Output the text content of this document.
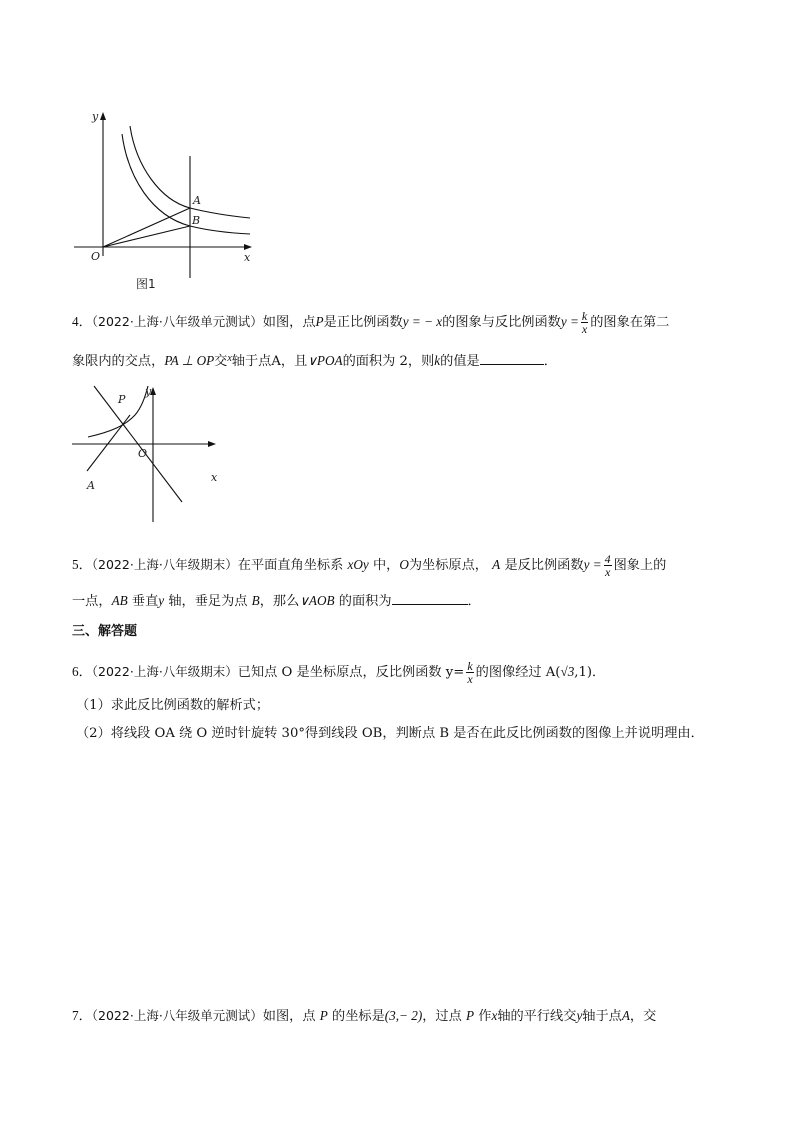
y
x
O
A
B
图1
4．（2022·上海·八年级单元测试）如图，点P是正比例函数y = − x的图象与反比例函数$y = \frac{k}{x}$ 的图象在第二
象限内的交点，PA ⊥ OP交$^x$轴于点A，且∨POA的面积为 2，则k的值是	．
y
x
O
P
A
5．（2022·上海·八年级期末）在平面直角坐标系 xOy 中，O为坐标原点， A 是反比例函数$y = \frac{4}{x}$ 图象上的
一点，AB 垂直y 轴，垂足为点 B，那么∨AOB 的面积为	．
三、解答题
6．（2022·上海·八年级期末）已知点 O 是坐标原点，反比例函数 $y= \frac{k}{x}$ 的图像经过 A(√3,1)．
（1）求此反比例函数的解析式；
（2）将线段 OA 绕 O 逆时针旋转 30°得到线段 OB，判断点 B 是否在此反比例函数的图像上并说明理由．
7．（2022·上海·八年级单元测试）如图，点 P 的坐标是(3,− 2)，过点 P 作x轴的平行线交y轴于点A，交
